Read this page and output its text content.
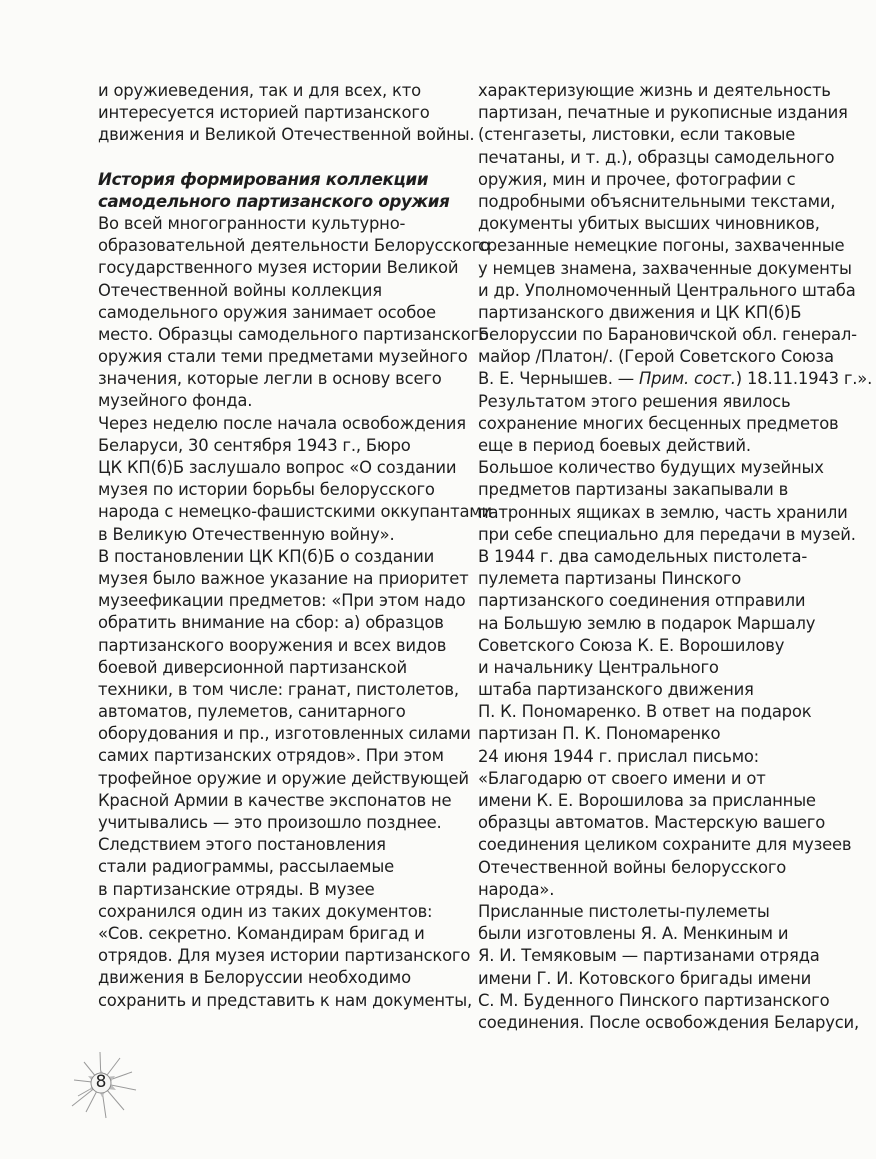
и оружиеведения, так и для всех, кто
интересуется историей партизанского
движения и Великой Отечественной войны.
История формирования коллекции
самодельного партизанского оружия
Во всей многогранности культурно-
образовательной деятельности Белорусского
государственного музея истории Великой
Отечественной войны коллекция
самодельного оружия занимает особое
место. Образцы самодельного партизанского
оружия стали теми предметами музейного
значения, которые легли в основу всего
музейного фонда.
Через неделю после начала освобождения
Беларуси, 30 сентября 1943 г., Бюро
ЦК КП(б)Б заслушало вопрос «О создании
музея по истории борьбы белорусского
народа с немецко-фашистскими оккупантами
в Великую Отечественную войну».
В постановлении ЦК КП(б)Б о создании
музея было важное указание на приоритет
музеефикации предметов: «При этом надо
обратить внимание на сбор: а) образцов
партизанского вооружения и всех видов
боевой диверсионной партизанской
техники, в том числе: гранат, пистолетов,
автоматов, пулеметов, санитарного
оборудования и пр., изготовленных силами
самих партизанских отрядов». При этом
трофейное оружие и оружие действующей
Красной Армии в качестве экспонатов не
учитывались — это произошло позднее.
Следствием этого постановления
стали радиограммы, рассылаемые
в партизанские отряды. В музее
сохранился один из таких документов:
«Сов. секретно. Командирам бригад и
отрядов. Для музея истории партизанского
движения в Белоруссии необходимо
сохранить и представить к нам документы,
характеризующие жизнь и деятельность
партизан, печатные и рукописные издания
(стенгазеты, листовки, если таковые
печатаны, и т. д.), образцы самодельного
оружия, мин и прочее, фотографии с
подробными объяснительными текстами,
документы убитых высших чиновников,
срезанные немецкие погоны, захваченные
у немцев знамена, захваченные документы
и др. Уполномоченный Центрального штаба
партизанского движения и ЦК КП(б)Б
Белоруссии по Барановичской обл. генерал-
майор /Платон/. (Герой Советского Союза
В. Е. Чернышев. — Прим. сост.) 18.11.1943 г.».
Результатом этого решения явилось
сохранение многих бесценных предметов
еще в период боевых действий.
Большое количество будущих музейных
предметов партизаны закапывали в
патронных ящиках в землю, часть хранили
при себе специально для передачи в музей.
В 1944 г. два самодельных пистолета-
пулемета партизаны Пинского
партизанского соединения отправили
на Большую землю в подарок Маршалу
Советского Союза К. Е. Ворошилову
и начальнику Центрального
штаба партизанского движения
П. К. Пономаренко. В ответ на подарок
партизан П. К. Пономаренко
24 июня 1944 г. прислал письмо:
«Благодарю от своего имени и от
имени К. Е. Ворошилова за присланные
образцы автоматов. Мастерскую вашего
соединения целиком сохраните для музеев
Отечественной войны белорусского
народа».
Присланные пистолеты-пулеметы
были изготовлены Я. А. Менкиным и
Я. И. Темяковым — партизанами отряда
имени Г. И. Котовского бригады имени
С. М. Буденного Пинского партизанского
соединения. После освобождения Беларуси,
8
